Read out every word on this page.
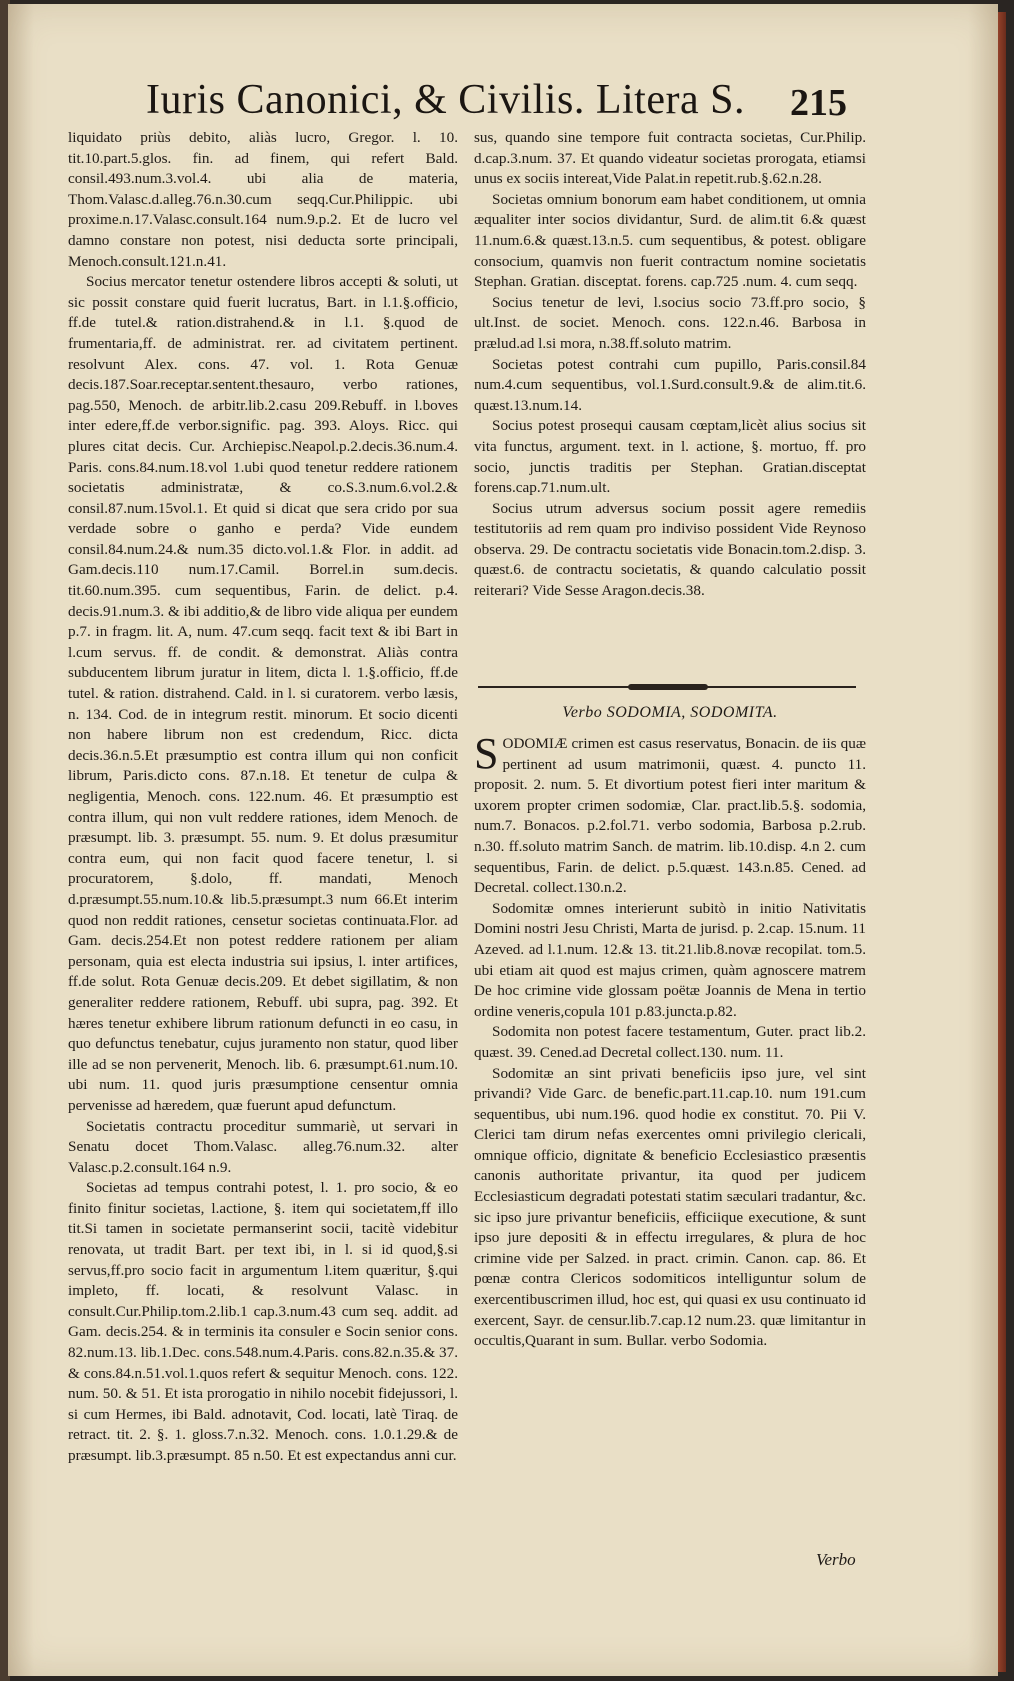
Iuris Canonici, & Civilis. Litera S. 215

liquidato priùs debito, aliàs lucro, Gregor. l. 10. tit.10.part.5.glos. fin. ad finem, qui refert Bald. consil.493.num.3.vol.4. ubi alia de materia, Thom.Valasc.d.alleg.76.n.30.cum seqq.Cur.Philippic. ubi proxime.n.17.Valasc.consult.164 num.9.p.2. Et de lucro vel damno constare non potest, nisi deducta sorte principali, Menoch.consult.121.n.41.

Socius mercator tenetur ostendere libros accepti & soluti, ut sic possit constare quid fuerit lucratus, Bart. in l.1.§.officio, ff.de tutel.& ration.distrahend.& in l.1. §.quod de frumentaria,ff. de administrat. rer. ad civitatem pertinent. resolvunt Alex. cons. 47. vol. 1. Rota Genuæ decis.187.Soar.receptar.sentent.thesauro, verbo rationes, pag.550, Menoch. de arbitr.lib.2.casu 209.Rebuff. in l.boves inter edere,ff.de verbor.signific. pag. 393. Aloys. Ricc. qui plures citat decis. Cur. Archiepisc.Neapol.p.2.decis.36.num.4. Paris. cons.84.num.18.vol 1.ubi quod tenetur reddere rationem societatis administratæ, & co.S.3.num.6.vol.2.& consil.87.num.15vol.1. Et quid si dicat que sera crido por sua verdade sobre o ganho e perda? Vide eundem consil.84.num.24.& num.35 dicto.vol.1.& Flor. in addit. ad Gam.decis.110 num.17.Camil. Borrel.in sum.decis. tit.60.num.395. cum sequentibus, Farin. de delict. p.4. decis.91.num.3. & ibi additio,& de libro vide aliqua per eundem p.7. in fragm. lit. A, num. 47.cum seqq. facit text & ibi Bart in l.cum servus. ff. de condit. & demonstrat. Aliàs contra subducentem librum juratur in litem, dicta l. 1.§.officio, ff.de tutel. & ration. distrahend. Cald. in l. si curatorem. verbo læsis, n. 134. Cod. de in integrum restit. minorum. Et socio dicenti non habere librum non est credendum, Ricc. dicta decis.36.n.5.Et præsumptio est contra illum qui non conficit librum, Paris.dicto cons. 87.n.18. Et tenetur de culpa & negligentia, Menoch. cons. 122.num. 46. Et præsumptio est contra illum, qui non vult reddere rationes, idem Menoch. de præsumpt. lib. 3. præsumpt. 55. num. 9. Et dolus præsumitur contra eum, qui non facit quod facere tenetur, l. si procuratorem, §.dolo, ff. mandati, Menoch d.præsumpt.55.num.10.& lib.5.præsumpt.3 num 66.Et interim quod non reddit rationes, censetur societas continuata.Flor. ad Gam. decis.254.Et non potest reddere rationem per aliam personam, quia est electa industria sui ipsius, l. inter artifices, ff.de solut. Rota Genuæ decis.209. Et debet sigillatim, & non generaliter reddere rationem, Rebuff. ubi supra, pag. 392. Et hæres tenetur exhibere librum rationum defuncti in eo casu, in quo defunctus tenebatur, cujus juramento non statur, quod liber ille ad se non pervenerit, Menoch. lib. 6. præsumpt.61.num.10. ubi num. 11. quod juris præsumptione censentur omnia pervenisse ad hæredem, quæ fuerunt apud defunctum.

Societatis contractu proceditur summariè, ut servari in Senatu docet Thom.Valasc. alleg.76.num.32. alter Valasc.p.2.consult.164 n.9.

Societas ad tempus contrahi potest, l. 1. pro socio, & eo finito finitur societas, l.actione, §. item qui societatem,ff illo tit.Si tamen in societate permanserint socii, tacitè videbitur renovata, ut tradit Bart. per text ibi, in l. si id quod,§.si servus,ff.pro socio facit in argumentum l.item quæritur, §.qui impleto, ff. locati, & resolvunt Valasc. in consult.Cur.Philip.tom.2.lib.1 cap.3.num.43 cum seq. addit. ad Gam. decis.254. & in terminis ita consuler e Socin senior cons. 82.num.13. lib.1.Dec. cons.548.num.4.Paris. cons.82.n.35.& 37. & cons.84.n.51.vol.1.quos refert & sequitur Menoch. cons. 122. num. 50. & 51. Et ista prorogatio in nihilo nocebit fidejussori, l. si cum Hermes, ibi Bald. adnotavit, Cod. locati, latè Tiraq. de retract. tit. 2. §. 1. gloss.7.n.32. Menoch. cons. 1.0.1.29.& de præsumpt. lib.3.præsumpt. 85 n.50. Et est expectandus anni cur.

sus, quando sine tempore fuit contracta societas, Cur.Philip. d.cap.3.num. 37. Et quando videatur societas prorogata, etiamsi unus ex sociis intereat,Vide Palat.in repetit.rub.§.62.n.28.

Societas omnium bonorum eam habet conditionem, ut omnia æqualiter inter socios dividantur, Surd. de alim.tit 6.& quæst 11.num.6.& quæst.13.n.5. cum sequentibus, & potest. obligare consocium, quamvis non fuerit contractum nomine societatis Stephan. Gratian. disceptat. forens. cap.725 .num. 4. cum seqq.

Socius tenetur de levi, l.socius socio 73.ff.pro socio, § ult.Inst. de societ. Menoch. cons. 122.n.46. Barbosa in prælud.ad l.si mora, n.38.ff.soluto matrim.

Societas potest contrahi cum pupillo, Paris.consil.84 num.4.cum sequentibus, vol.1.Surd.consult.9.& de alim.tit.6. quæst.13.num.14.

Socius potest prosequi causam cœptam,licèt alius socius sit vita functus, argument. text. in l. actione, §. mortuo, ff. pro socio, junctis traditis per Stephan. Gratian.disceptat forens.cap.71.num.ult.

Socius utrum adversus socium possit agere remediis testitutoriis ad rem quam pro indiviso possident Vide Reynoso observa. 29. De contractu societatis vide Bonacin.tom.2.disp. 3. quæst.6. de contractu societatis, & quando calculatio possit reiterari? Vide Sesse Aragon.decis.38.

Verbo SODOMIA, SODOMITA.

SODOMIÆ crimen est casus reservatus, Bonacin. de iis quæ pertinent ad usum matrimonii, quæst. 4. puncto 11. proposit. 2. num. 5. Et divortium potest fieri inter maritum & uxorem propter crimen sodomiæ, Clar. pract.lib.5.§. sodomia, num.7. Bonacos. p.2.fol.71. verbo sodomia, Barbosa p.2.rub. n.30. ff.soluto matrim Sanch. de matrim. lib.10.disp. 4.n 2. cum sequentibus, Farin. de delict. p.5.quæst. 143.n.85. Cened. ad Decretal. collect.130.n.2.

Sodomitæ omnes interierunt subitò in initio Nativitatis Domini nostri Jesu Christi, Marta de jurisd. p. 2.cap. 15.num. 11 Azeved. ad l.1.num. 12.& 13. tit.21.lib.8.novæ recopilat. tom.5. ubi etiam ait quod est majus crimen, quàm agnoscere matrem De hoc crimine vide glossam poëtæ Joannis de Mena in tertio ordine veneris,copula 101 p.83.juncta.p.82.

Sodomita non potest facere testamentum, Guter. pract lib.2. quæst. 39. Cened.ad Decretal collect.130. num. 11.

Sodomitæ an sint privati beneficiis ipso jure, vel sint privandi? Vide Garc. de benefic.part.11.cap.10. num 191.cum sequentibus, ubi num.196. quod hodie ex constitut. 70. Pii V. Clerici tam dirum nefas exercentes omni privilegio clericali, omnique officio, dignitate & beneficio Ecclesiastico præsentis canonis authoritate privantur, ita quod per judicem Ecclesiasticum degradati potestati statim sæculari tradantur, &c. sic ipso jure privantur beneficiis, efficiique executione, & sunt ipso jure depositi & in effectu irregulares, & plura de hoc crimine vide per Salzed. in pract. crimin. Canon. cap. 86. Et pœnæ contra Clericos sodomiticos intelliguntur solum de exercentibuscrimen illud, hoc est, qui quasi ex usu continuato id exercent, Sayr. de censur.lib.7.cap.12 num.23. quæ limitantur in occultis,Quarant in sum. Bullar. verbo Sodomia.

Verbo
